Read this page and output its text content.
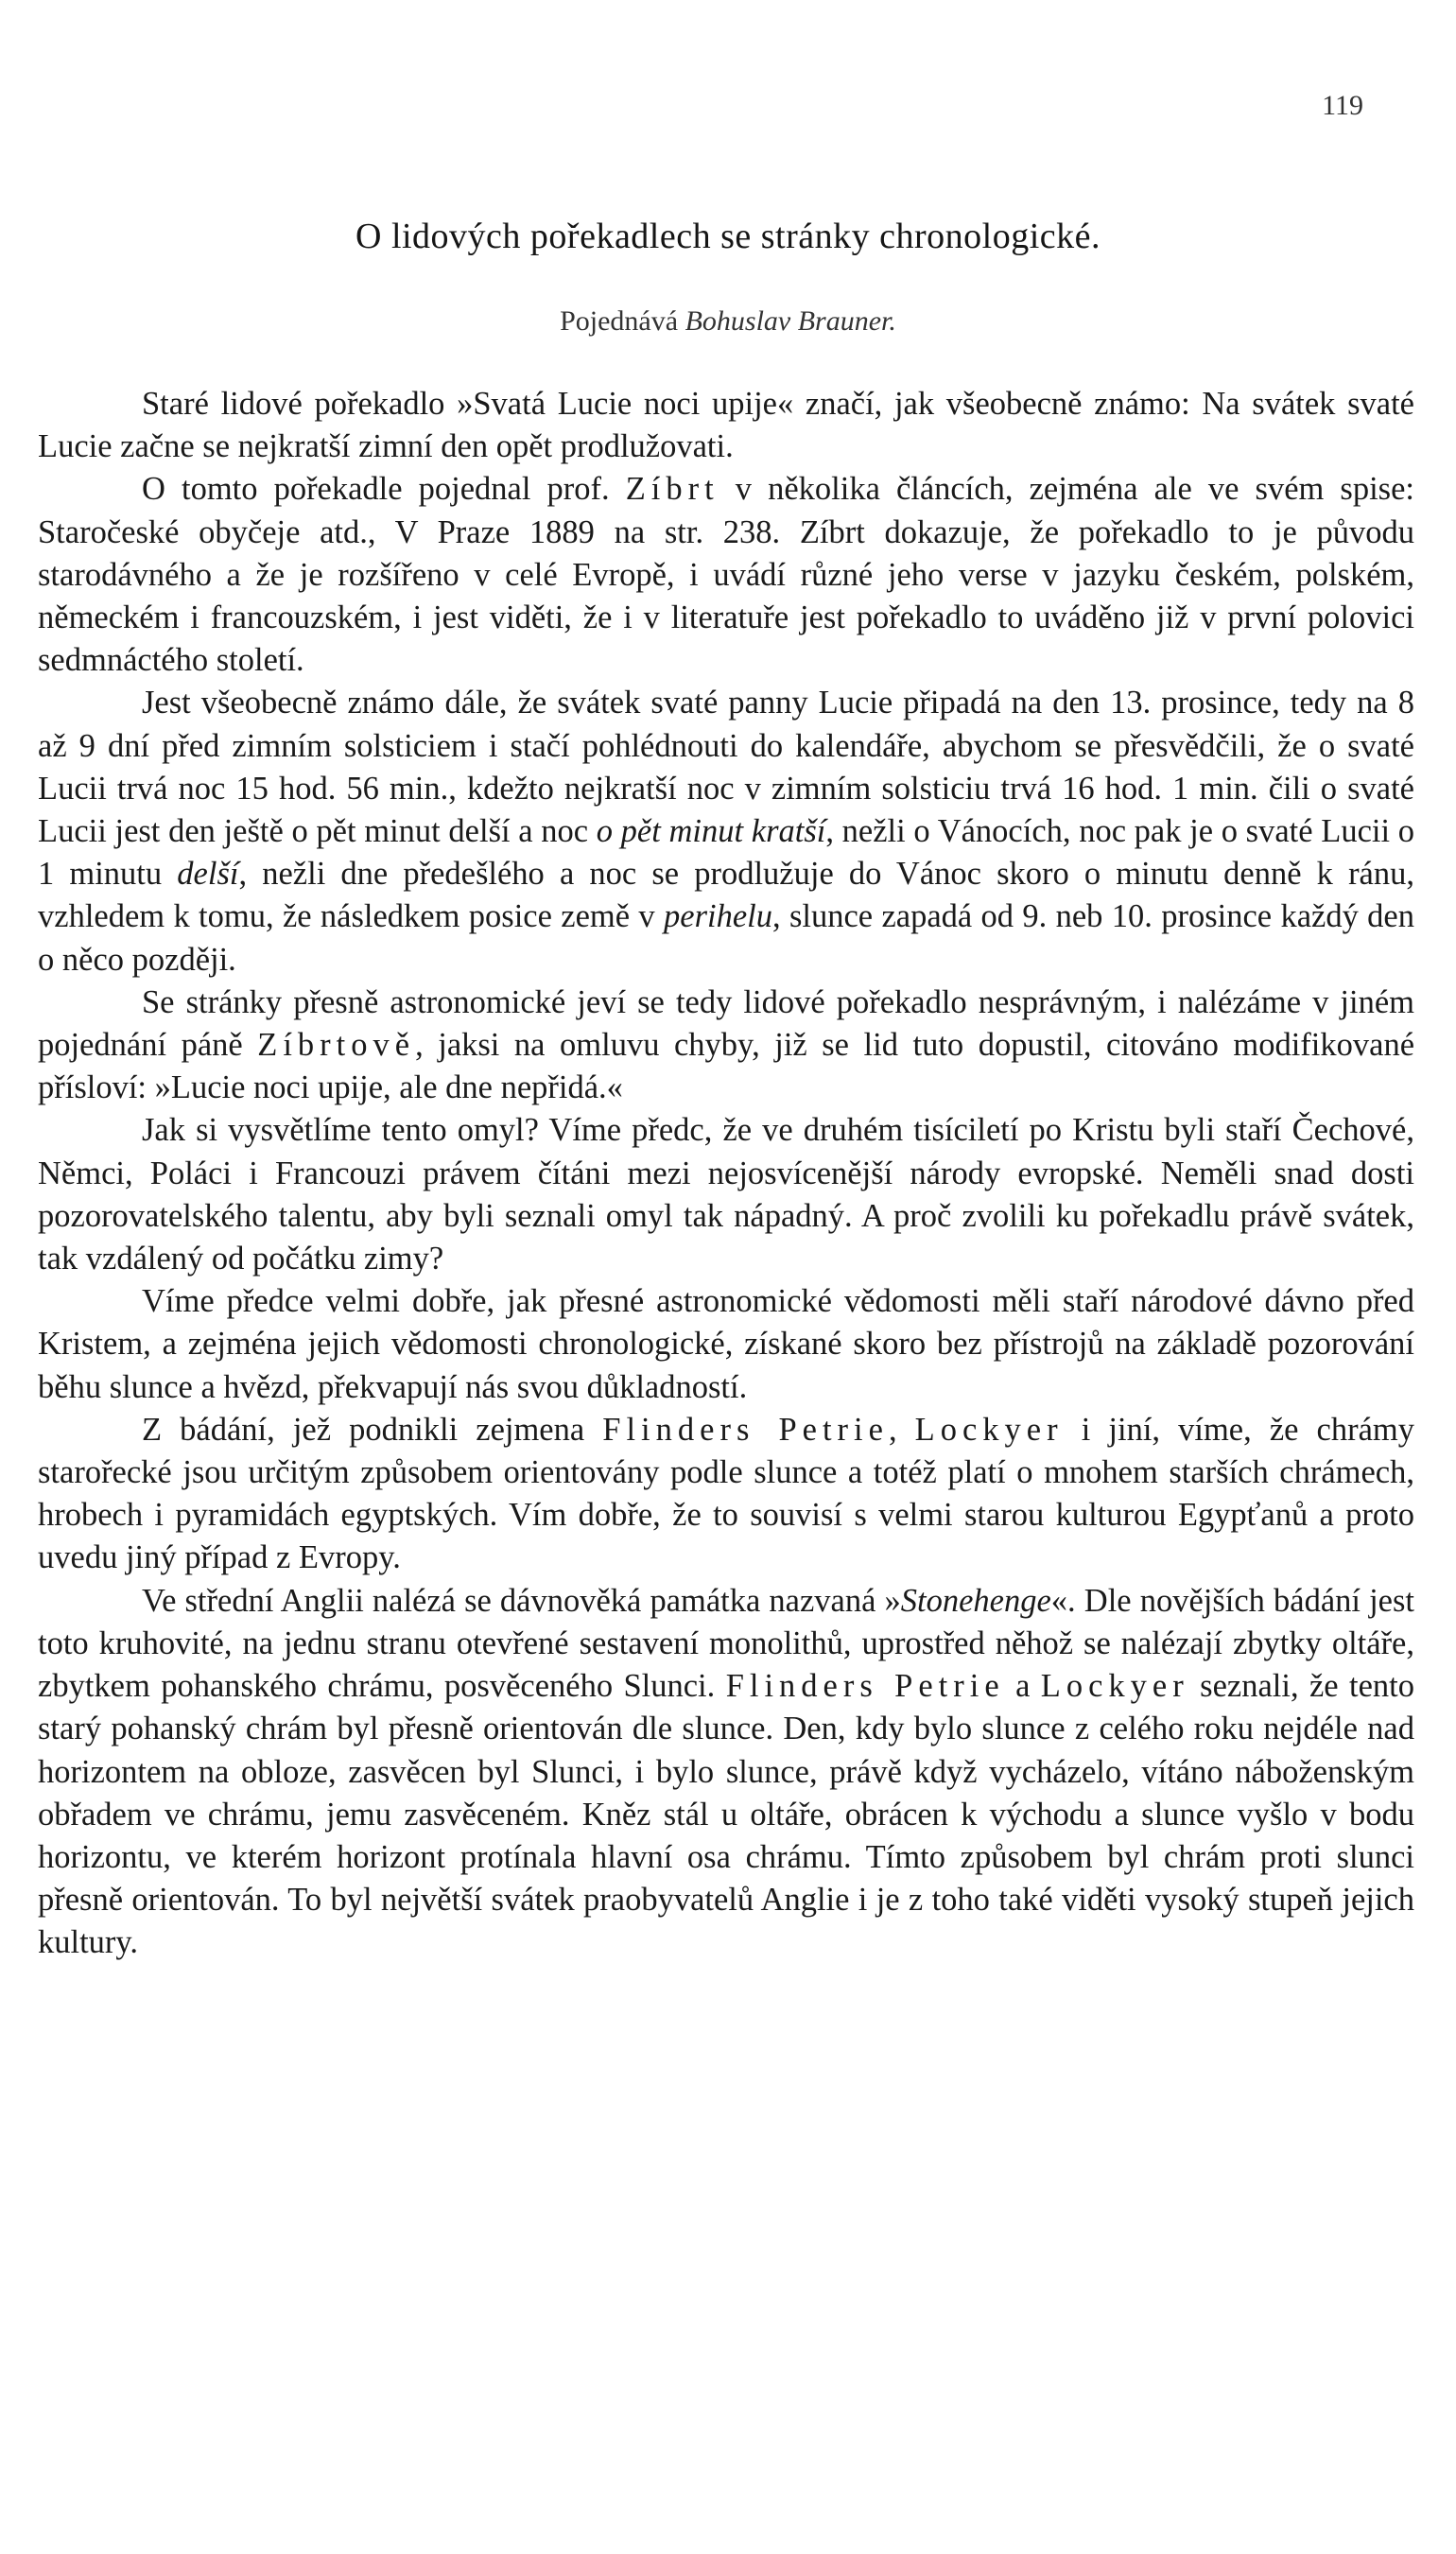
119
O lidových pořekadlech se stránky chronologické.
Pojednává Bohuslav Brauner.

Staré lidové pořekadlo »Svatá Lucie noci upije« značí, jak všeobecně známo: Na svátek svaté Lucie začne se nejkratší zimní den opět prodlužovati.

O tomto pořekadle pojednal prof. Zíbrt v několika článcích, zejména ale ve svém spise: Staročeské obyčeje atd., V Praze 1889 na str. 238. Zíbrt dokazuje, že pořekadlo to je původu starodávného a že je rozšířeno v celé Evropě, i uvádí různé jeho verse v jazyku českém, polském, německém i francouzském, i jest viděti, že i v literatuře jest pořekadlo to uváděno již v první polovici sedmnáctého století.

Jest všeobecně známo dále, že svátek svaté panny Lucie připadá na den 13. prosince, tedy na 8 až 9 dní před zimním solsticiem i stačí pohlédnouti do kalendáře, abychom se přesvědčili, že o svaté Lucii trvá noc 15 hod. 56 min., kdežto nejkratší noc v zimním solsticiu trvá 16 hod. 1 min. čili o svaté Lucii jest den ještě o pět minut delší a noc o pět minut kratší, nežli o Vánocích, noc pak je o svaté Lucii o 1 minutu delší, nežli dne předešlého a noc se prodlužuje do Vánoc skoro o minutu denně k ránu, vzhledem k tomu, že následkem posice země v perihelu, slunce zapadá od 9. neb 10. prosince každý den o něco později.

Se stránky přesně astronomické jeví se tedy lidové pořekadlo nesprávným, i nalézáme v jiném pojednání páně Zíbrtově, jaksi na omluvu chyby, již se lid tuto dopustil, citováno modifikované přísloví: »Lucie noci upije, ale dne nepřidá.«

Jak si vysvětlíme tento omyl? Víme předc, že ve druhém tisíciletí po Kristu byli staří Čechové, Němci, Poláci i Francouzi právem čítáni mezi nejosvícenější národy evropské. Neměli snad dosti pozorovatelského talentu, aby byli seznali omyl tak nápadný. A proč zvolili ku pořekadlu právě svátek, tak vzdálený od počátku zimy?

Víme předce velmi dobře, jak přesné astronomické vědomosti měli staří národové dávno před Kristem, a zejména jejich vědomosti chronologické, získané skoro bez přístrojů na základě pozorování běhu slunce a hvězd, překvapují nás svou důkladností.

Z bádání, jež podnikli zejmena Flinders Petrie, Lockyer i jiní, víme, že chrámy starořecké jsou určitým způsobem orientovány podle slunce a totéž platí o mnohem starších chrámech, hrobech i pyramidách egyptských. Vím dobře, že to souvisí s velmi starou kulturou Egypťanů a proto uvedu jiný případ z Evropy.

Ve střední Anglii nalézá se dávnověká památka nazvaná »Stonehenge«. Dle novějších bádání jest toto kruhovité, na jednu stranu otevřené sestavení monolithů, uprostřed něhož se nalézají zbytky oltáře, zbytkem pohanského chrámu, posvěceného Slunci. Flinders Petrie a Lockyer seznali, že tento starý pohanský chrám byl přesně orientován dle slunce. Den, kdy bylo slunce z celého roku nejdéle nad horizontem na obloze, zasvěcen byl Slunci, i bylo slunce, právě když vycházelo, vítáno náboženským obřadem ve chrámu, jemu zasvěceném. Kněz stál u oltáře, obrácen k východu a slunce vyšlo v bodu horizontu, ve kterém horizont protínala hlavní osa chrámu. Tímto způsobem byl chrám proti slunci přesně orientován. To byl největší svátek praobyvatelů Anglie i je z toho také viděti vysoký stupeň jejich kultury.
